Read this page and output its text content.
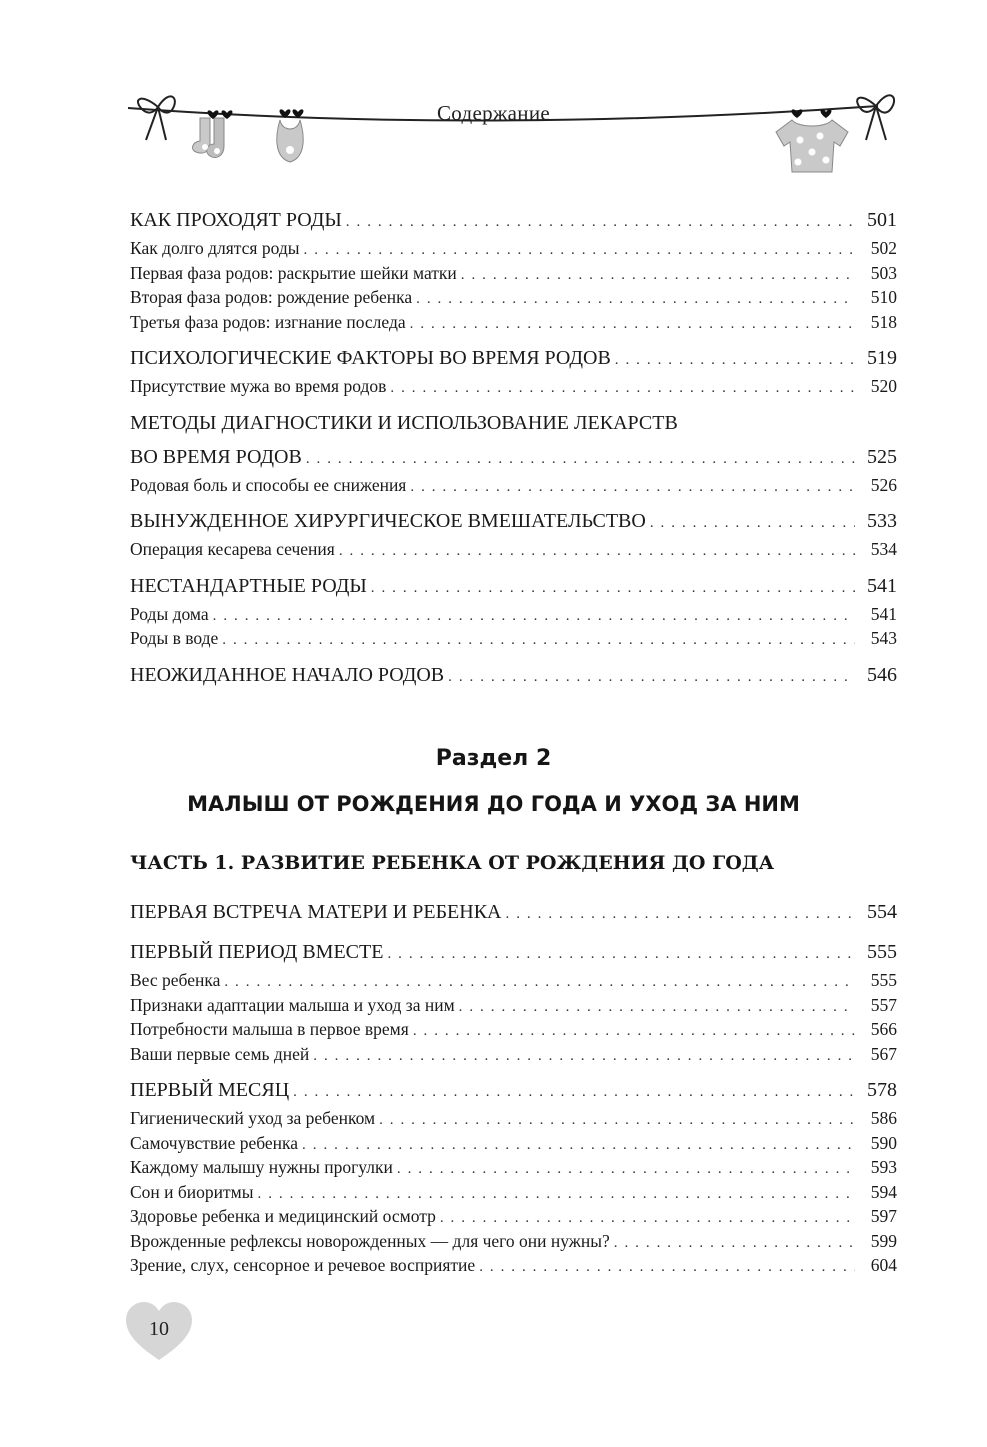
Содержание
КАК ПРОХОДЯТ РОДЫ . . .	501
Как долго длятся роды . . .	502
Первая фаза родов: раскрытие шейки матки . . .	503
Вторая фаза родов: рождение ребенка . . .	510
Третья фаза родов: изгнание последа . . .	518
ПСИХОЛОГИЧЕСКИЕ ФАКТОРЫ ВО ВРЕМЯ РОДОВ . . .	519
Присутствие мужа во время родов . . .	520
МЕТОДЫ ДИАГНОСТИКИ И ИСПОЛЬЗОВАНИЕ ЛЕКАРСТВ
ВО ВРЕМЯ РОДОВ . . .	525
Родовая боль и способы ее снижения . . .	526
ВЫНУЖДЕННОЕ ХИРУРГИЧЕСКОЕ ВМЕШАТЕЛЬСТВО . . .	533
Операция кесарева сечения . . .	534
НЕСТАНДАРТНЫЕ РОДЫ . . .	541
Роды дома . . .	541
Роды в воде . . .	543
НЕОЖИДАННОЕ НАЧАЛО РОДОВ . . .	546
Раздел 2
МАЛЫШ ОТ РОЖДЕНИЯ ДО ГОДА И УХОД ЗА НИМ
ЧАСТЬ 1. РАЗВИТИЕ РЕБЕНКА ОТ РОЖДЕНИЯ ДО ГОДА
ПЕРВАЯ ВСТРЕЧА МАТЕРИ И РЕБЕНКА . . .	554
ПЕРВЫЙ ПЕРИОД ВМЕСТЕ . . .	555
Вес ребенка . . .	555
Признаки адаптации малыша и уход за ним . . .	557
Потребности малыша в первое время . . .	566
Ваши первые семь дней . . .	567
ПЕРВЫЙ МЕСЯЦ . . .	578
Гигиенический уход за ребенком . . .	586
Самочувствие ребенка . . .	590
Каждому малышу нужны прогулки . . .	593
Сон и биоритмы . . .	594
Здоровье ребенка и медицинский осмотр . . .	597
Врожденные рефлексы новорожденных — для чего они нужны? . . .	599
Зрение, слух, сенсорное и речевое восприятие . . .	604
10
